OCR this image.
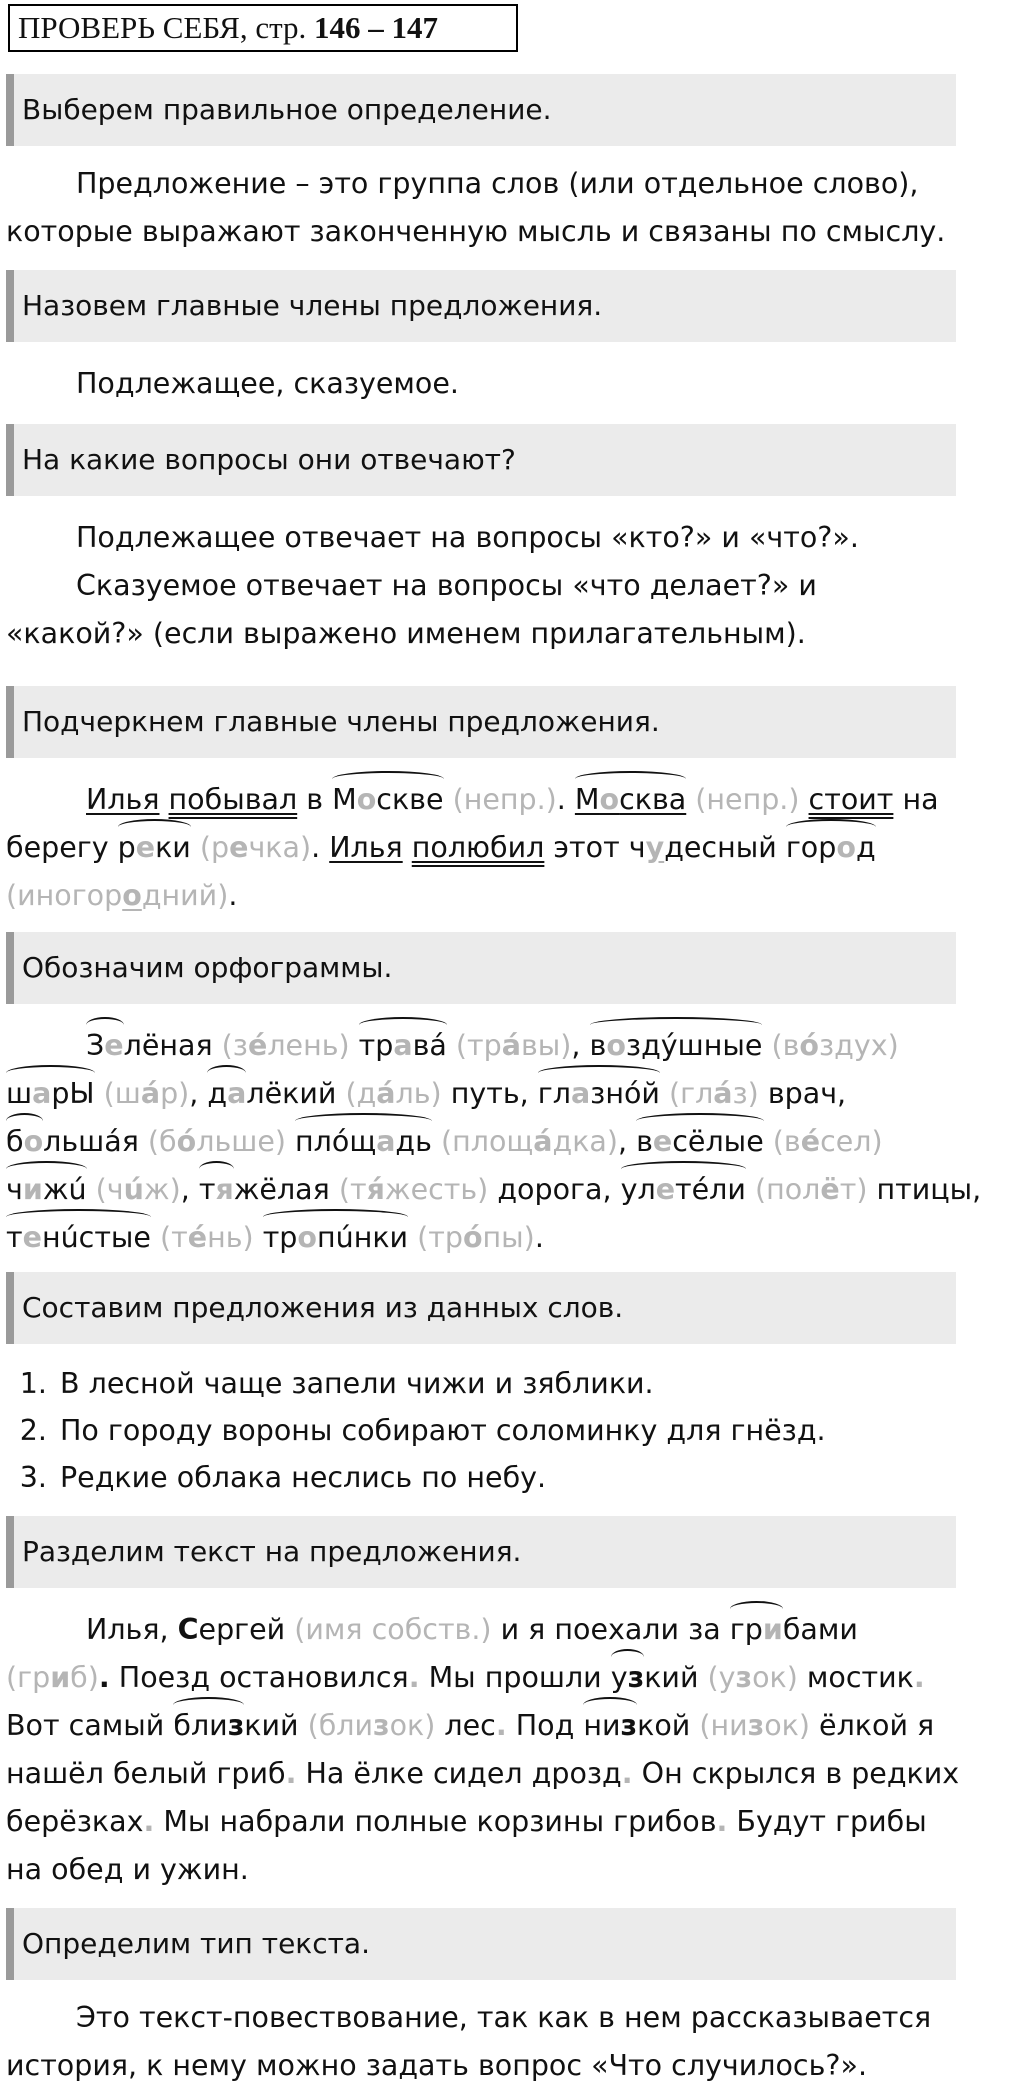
ПРОВЕРЬ СЕБЯ, стр. 146 – 147
Выберем правильное определение.
Предложение – это группа слов (или отдельное слово),
которые выражают законченную мысль и связаны по смыслу.
Назовем главные члены предложения.
Подлежащее, сказуемое.
На какие вопросы они отвечают?
Подлежащее отвечает на вопросы «кто?» и «что?».
Сказуемое отвечает на вопросы «что делает?» и
«какой?» (если выражено именем прилагательным).
Подчеркнем главные члены предложения.
Илья побывал в Москве (непр.). Москва (непр.) стоит на
берегу реки (речка). Илья полюбил этот чудесный город
(иногородний).
Обозначим орфограммы.
Зелёная (зéлень) травá (трáвы), воздýшные (вóздух)
шарЫ (шáр), далёкий (дáль) путь, глазнóй (глáз) врач,
большáя (бóльше) плóщадь (площáдка), весёлые (вéсел)
чижú (чúж), тяжёлая (тя́жесть) дорога, улетéли (полёт) птицы,
тенúстые (тéнь) тропúнки (трóпы).
Составим предложения из данных слов.
1. В лесной чаще запели чижи и зяблики.
2. По городу вороны собирают соломинку для гнёзд.
3. Редкие облака неслись по небу.
Разделим текст на предложения.
Илья, Сергей (имя собств.) и я поехали за грибами
(гриб). Поезд остановился. Мы прошли узкий (узок) мостик.
Вот самый близкий (близок) лес. Под низкой (низок) ёлкой я
нашёл белый гриб. На ёлке сидел дрозд. Он скрылся в редких
берёзках. Мы набрали полные корзины грибов. Будут грибы
на обед и ужин.
Определим тип текста.
Это текст-повествование, так как в нем рассказывается
история, к нему можно задать вопрос «Что случилось?».
